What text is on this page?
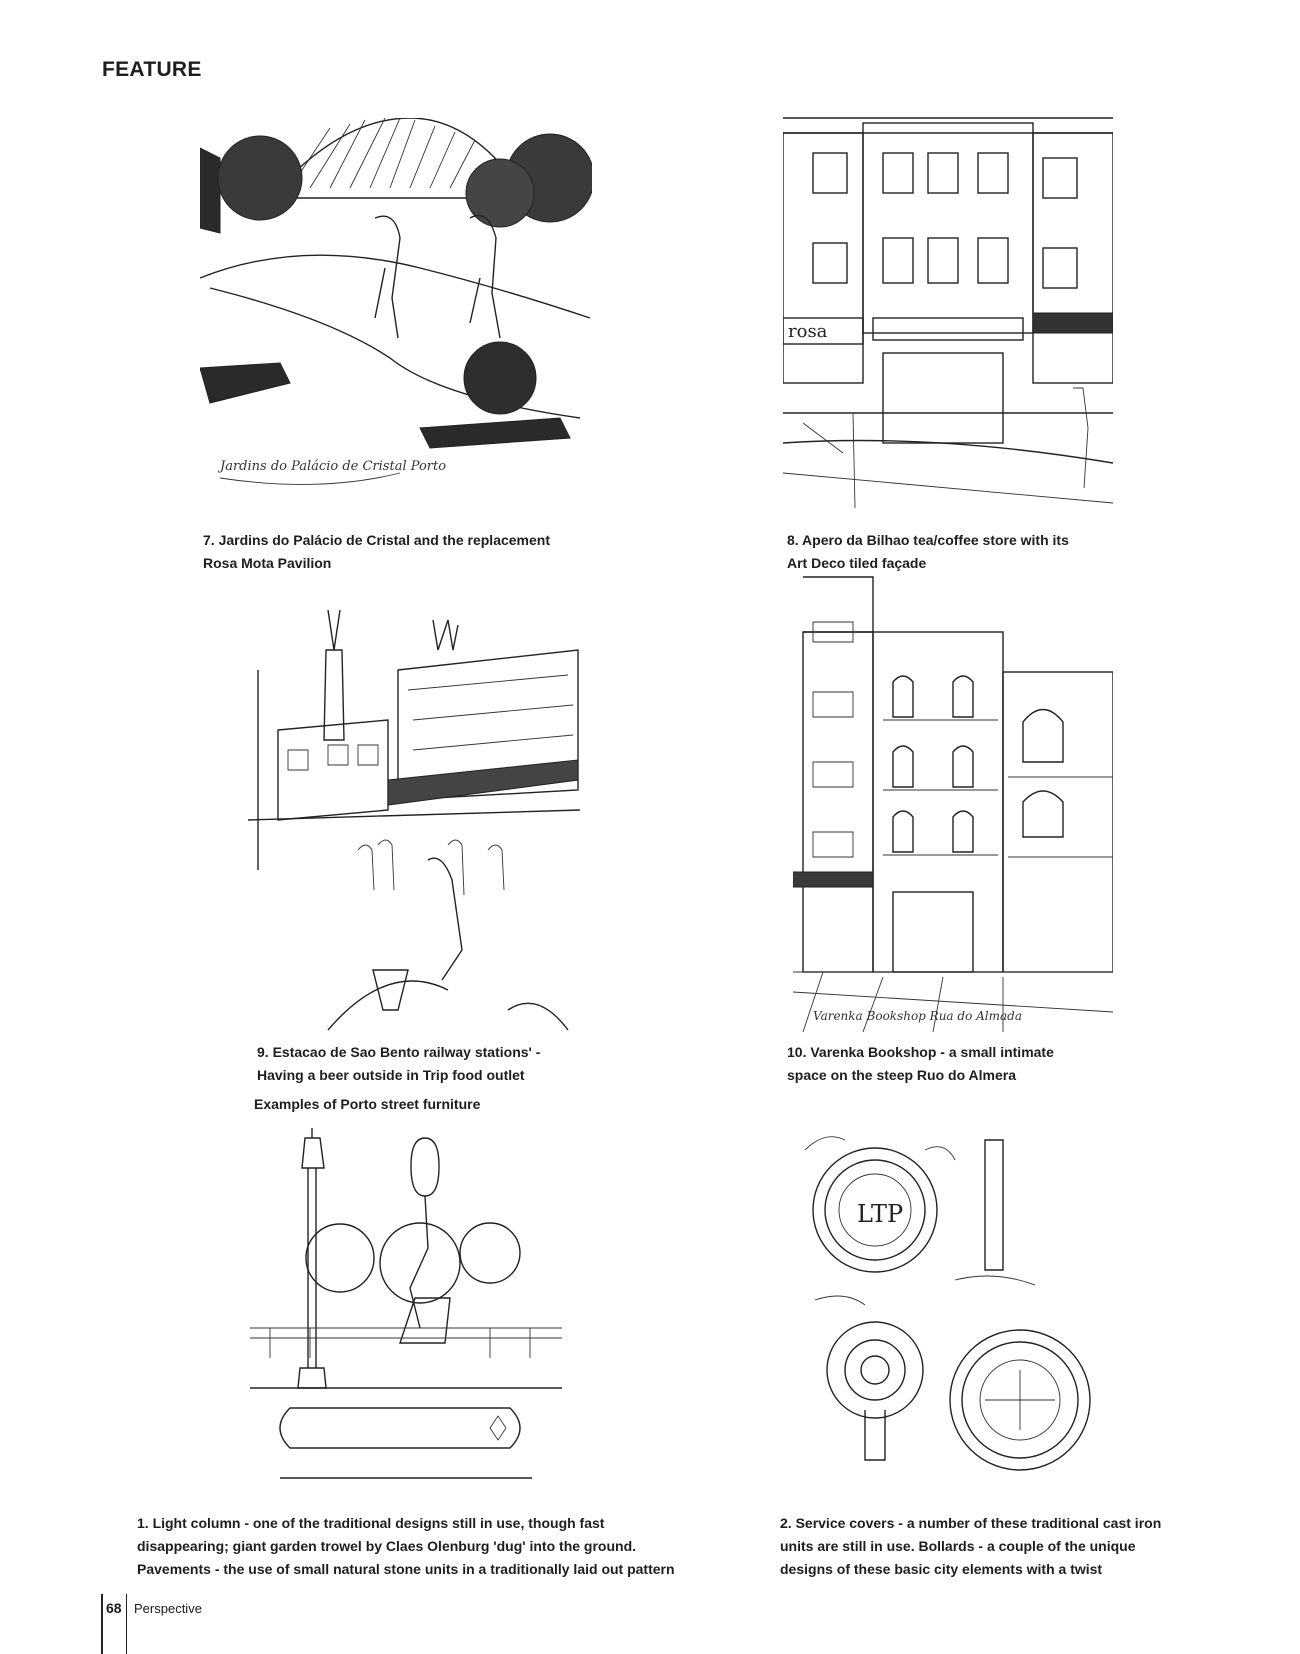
FEATURE
Jardins do Palácio de Cristal Porto
7. Jardins do Palácio de Cristal and the replacement
Rosa Mota Pavilion
rosa
8. Apero da Bilhao tea/coffee store with its
Art Deco tiled façade
9. Estacao de Sao Bento railway stations' -
Having a beer outside in Trip food outlet
Varenka Bookshop Rua do Almada
10. Varenka Bookshop - a small intimate
space on the steep Ruo do Almera
Examples of Porto street furniture
1. Light column - one of the traditional designs still in use, though fast
disappearing; giant garden trowel by Claes Olenburg 'dug' into the ground.
Pavements - the use of small natural stone units in a traditionally laid out pattern
LTP
2. Service covers - a number of these traditional cast iron
units are still in use. Bollards - a couple of the unique
designs of these basic city elements with a twist
68 Perspective
